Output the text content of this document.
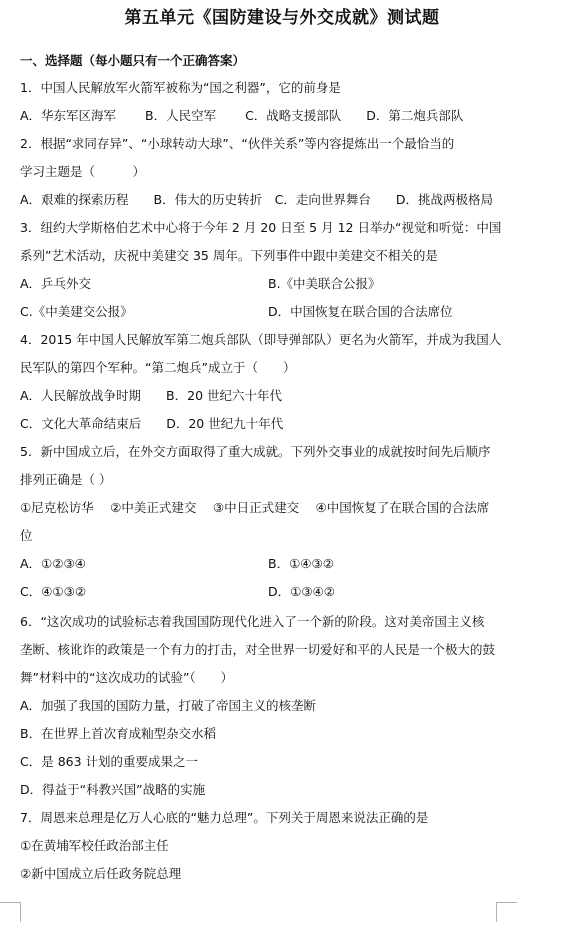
第五单元《国防建设与外交成就》测试题
一、选择题（每小题只有一个正确答案）
1．中国人民解放军火箭军被称为“国之利器”，它的前身是
A．华东军区海军　　 B．人民空军　　 C．战略支援部队　　D．第二炮兵部队
2．根据“求同存异”、“小球转动大球”、“伙伴关系”等内容提炼出一个最恰当的
学习主题是（　　　）
A．艰难的探索历程　　B．伟大的历史转折　C．走向世界舞台　　D．挑战两极格局
3．纽约大学斯格伯艺术中心将于今年 2 月 20 日至 5 月 12 日举办“视觉和听觉：中国
系列”艺术活动，庆祝中美建交 35 周年。下列事件中跟中美建交不相关的是
A．乒乓外交	B.《中美联合公报》
C.《中美建交公报》	D．中国恢复在联合国的合法席位
4．2015 年中国人民解放军第二炮兵部队（即导弹部队）更名为火箭军，并成为我国人
民军队的第四个军种。“第二炮兵”成立于（　　）
A．人民解放战争时期　　B．20 世纪六十年代
C．文化大革命结束后　　D．20 世纪九十年代
5．新中国成立后，在外交方面取得了重大成就。下列外交事业的成就按时间先后顺序
排列正确是（ ）
①尼克松访华　 ②中美正式建交　 ③中日正式建交　 ④中国恢复了在联合国的合法席
位
A．①②③④	B．①④③②
C．④①③②	D．①③④②
6．“这次成功的试验标志着我国国防现代化进入了一个新的阶段。这对美帝国主义核
垄断、核讹诈的政策是一个有力的打击，对全世界一切爱好和平的人民是一个极大的鼓
舞”材料中的“这次成功的试验”（　　）
A．加强了我国的国防力量，打破了帝国主义的核垄断
B．在世界上首次育成籼型杂交水稻
C．是 863 计划的重要成果之一
D．得益于“科教兴国”战略的实施
7．周恩来总理是亿万人心底的“魅力总理”。下列关于周恩来说法正确的是
①在黄埔军校任政治部主任
②新中国成立后任政务院总理
